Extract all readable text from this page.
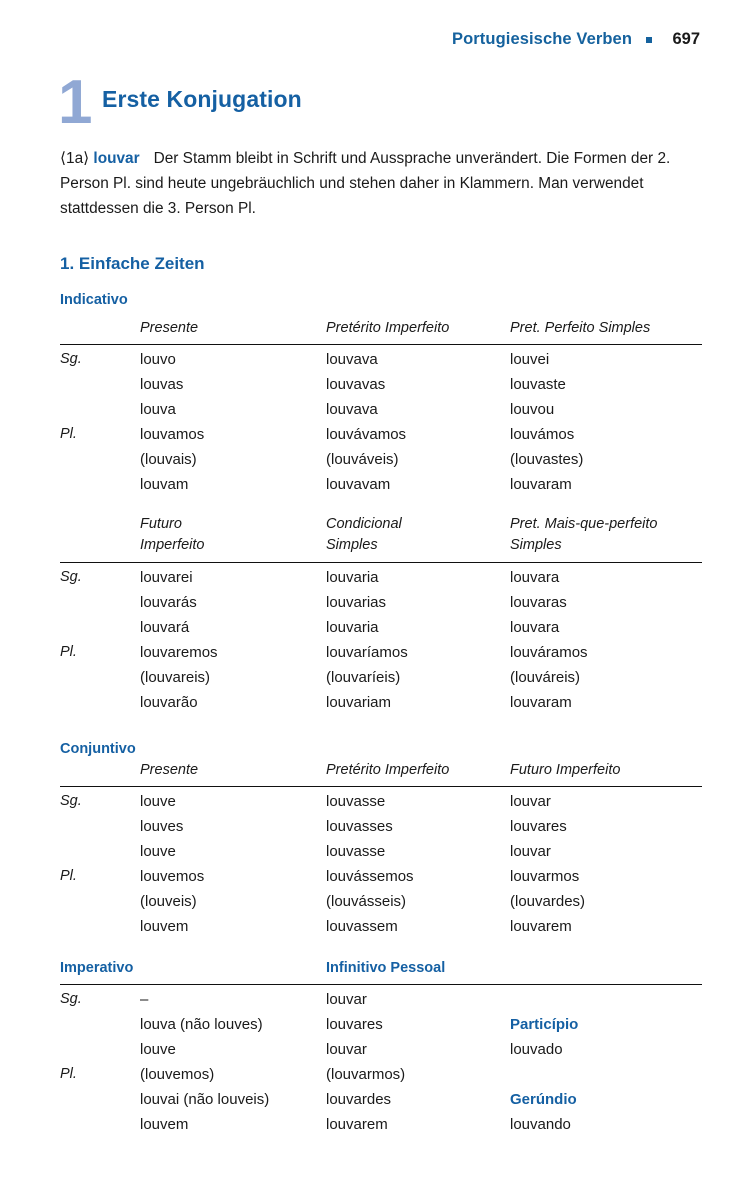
Portugiesische Verben	697
1 Erste Konjugation
⟨1a⟩ louvar Der Stamm bleibt in Schrift und Aussprache unverändert. Die Formen der 2. Person Pl. sind heute ungebräuchlich und stehen daher in Klammern. Man verwendet stattdessen die 3. Person Pl.
1. Einfache Zeiten
Indicativo
Presente	Pretérito Imperfeito	Pret. Perfeito Simples
Sg.	louvo	louvava	louvei
louvas	louvavas	louvaste
louva	louvava	louvou
Pl.	louvamos	louvávamos	louvámos
(louvais)	(louváveis)	(louvastes)
louvam	louvavam	louvaram
Futuro
Imperfeito
Condicional
Simples
Pret. Mais-que-perfeito
Simples
Sg.	louvarei	louvaria	louvara
louvarás	louvarias	louvaras
louvará	louvaria	louvara
Pl.	louvaremos	louvaríamos	louváramos
(louvareis)	(louvaríeis)	(louváreis)
louvarão	louvariam	louvaram
Conjuntivo
Presente	Pretérito Imperfeito	Futuro Imperfeito
Sg.	louve	louvasse	louvar
louves	louvasses	louvares
louve	louvasse	louvar
Pl.	louvemos	louvássemos	louvarmos
(louveis)	(louvásseis)	(louvardes)
louvem	louvassem	louvarem
Imperativo	Infinitivo Pessoal
Sg.	–	louvar
louva (não louves)	louvares	Particípio
louve	louvar	louvado
Pl.	(louvemos)	(louvarmos)
louvai (não louveis)	louvardes	Gerúndio
louvem	louvarem	louvando
